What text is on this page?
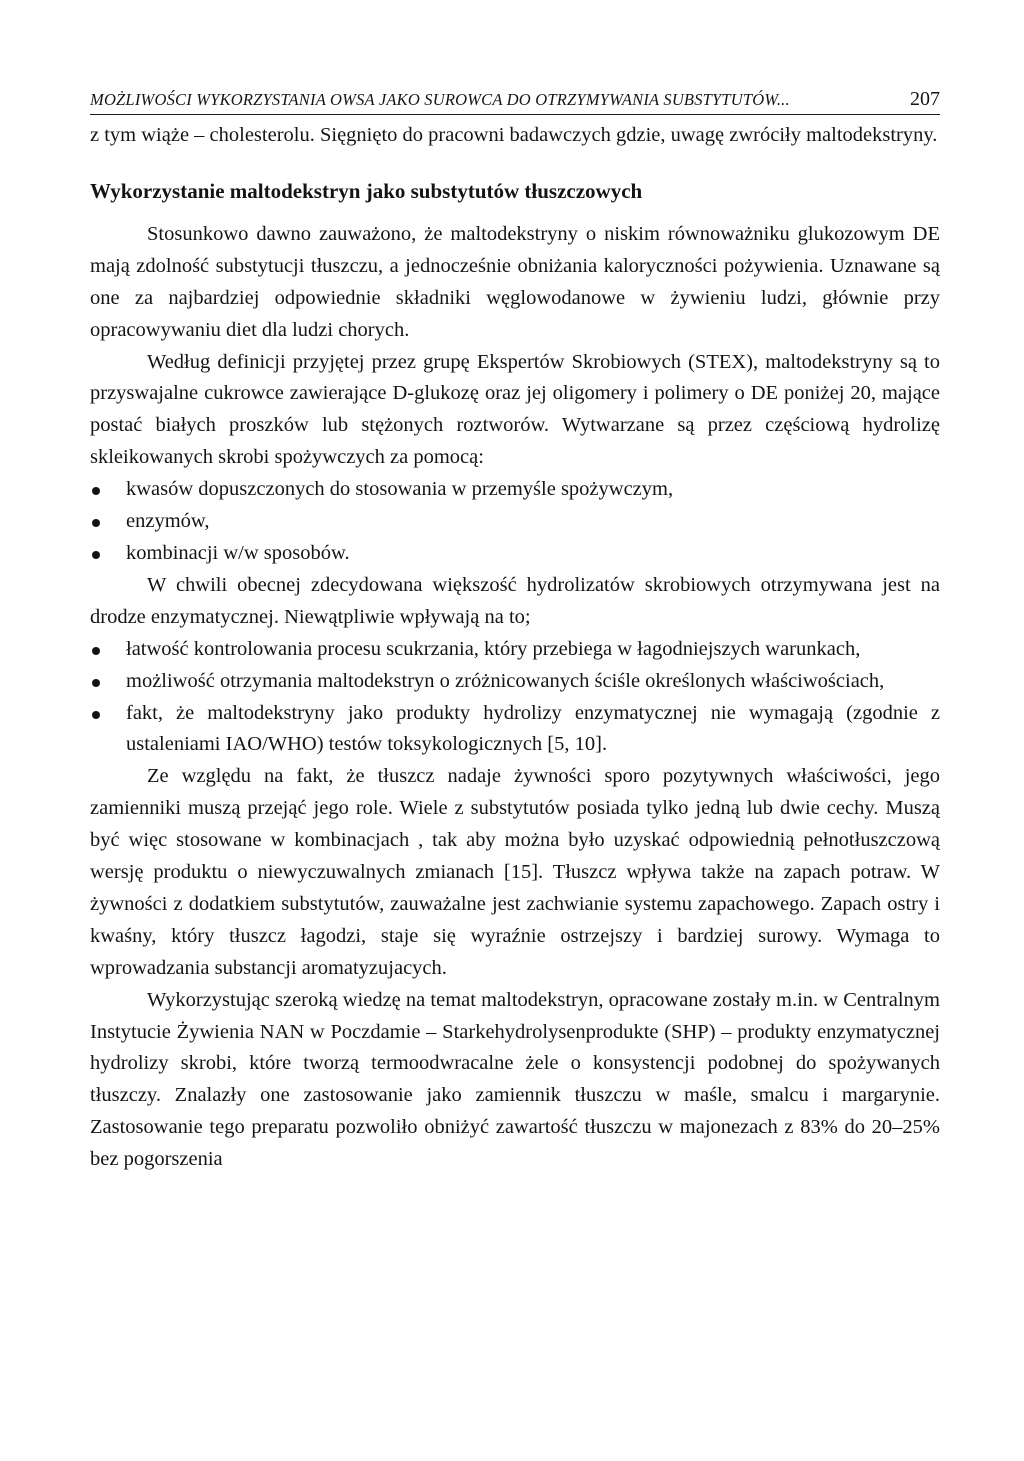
MOŻLIWOŚCI WYKORZYSTANIA OWSA JAKO SUROWCA DO OTRZYMYWANIA SUBSTYTUTÓW...	207

z tym wiąże – cholesterolu. Sięgnięto do pracowni badawczych gdzie, uwagę zwróciły maltodekstryny.

Wykorzystanie maltodekstryn jako substytutów tłuszczowych

Stosunkowo dawno zauważono, że maltodekstryny o niskim równoważniku glukozowym DE mają zdolność substytucji tłuszczu, a jednocześnie obniżania kaloryczności pożywienia. Uznawane są one za najbardziej odpowiednie składniki węglowodanowe w żywieniu ludzi, głównie przy opracowywaniu diet dla ludzi chorych.

Według definicji przyjętej przez grupę Ekspertów Skrobiowych (STEX), maltodekstryny są to przyswajalne cukrowce zawierające D-glukozę oraz jej oligomery i polimery o DE poniżej 20, mające postać białych proszków lub stężonych roztworów. Wytwarzane są przez częściową hydrolizę skleikowanych skrobi spożywczych za pomocą:

kwasów dopuszczonych do stosowania w przemyśle spożywczym,
enzymów,
kombinacji w/w sposobów.

W chwili obecnej zdecydowana większość hydrolizatów skrobiowych otrzymywana jest na drodze enzymatycznej. Niewątpliwie wpływają na to;

łatwość kontrolowania procesu scukrzania, który przebiega w łagodniejszych warunkach,
możliwość otrzymania maltodekstryn o zróżnicowanych ściśle określonych właściwościach,
fakt, że maltodekstryny jako produkty hydrolizy enzymatycznej nie wymagają (zgodnie z ustaleniami IAO/WHO) testów toksykologicznych [5, 10].

Ze względu na fakt, że tłuszcz nadaje żywności sporo pozytywnych właściwości, jego zamienniki muszą przejąć jego role. Wiele z substytutów posiada tylko jedną lub dwie cechy. Muszą być więc stosowane w kombinacjach , tak aby można było uzyskać odpowiednią pełnotłuszczową wersję produktu o niewyczuwalnych zmianach [15]. Tłuszcz wpływa także na zapach potraw. W żywności z dodatkiem substytutów, zauważalne jest zachwianie systemu zapachowego. Zapach ostry i kwaśny, który tłuszcz łagodzi, staje się wyraźnie ostrzejszy i bardziej surowy. Wymaga to wprowadzania substancji aromatyzujacych.

Wykorzystując szeroką wiedzę na temat maltodekstryn, opracowane zostały m.in. w Centralnym Instytucie Żywienia NAN w Poczdamie – Starkehydrolysenprodukte (SHP) – produkty enzymatycznej hydrolizy skrobi, które tworzą termoodwracalne żele o konsystencji podobnej do spożywanych tłuszczy. Znalazły one zastosowanie jako zamiennik tłuszczu w maśle, smalcu i margarynie. Zastosowanie tego preparatu pozwoliło obniżyć zawartość tłuszczu w majonezach z 83% do 20–25% bez pogorszenia
